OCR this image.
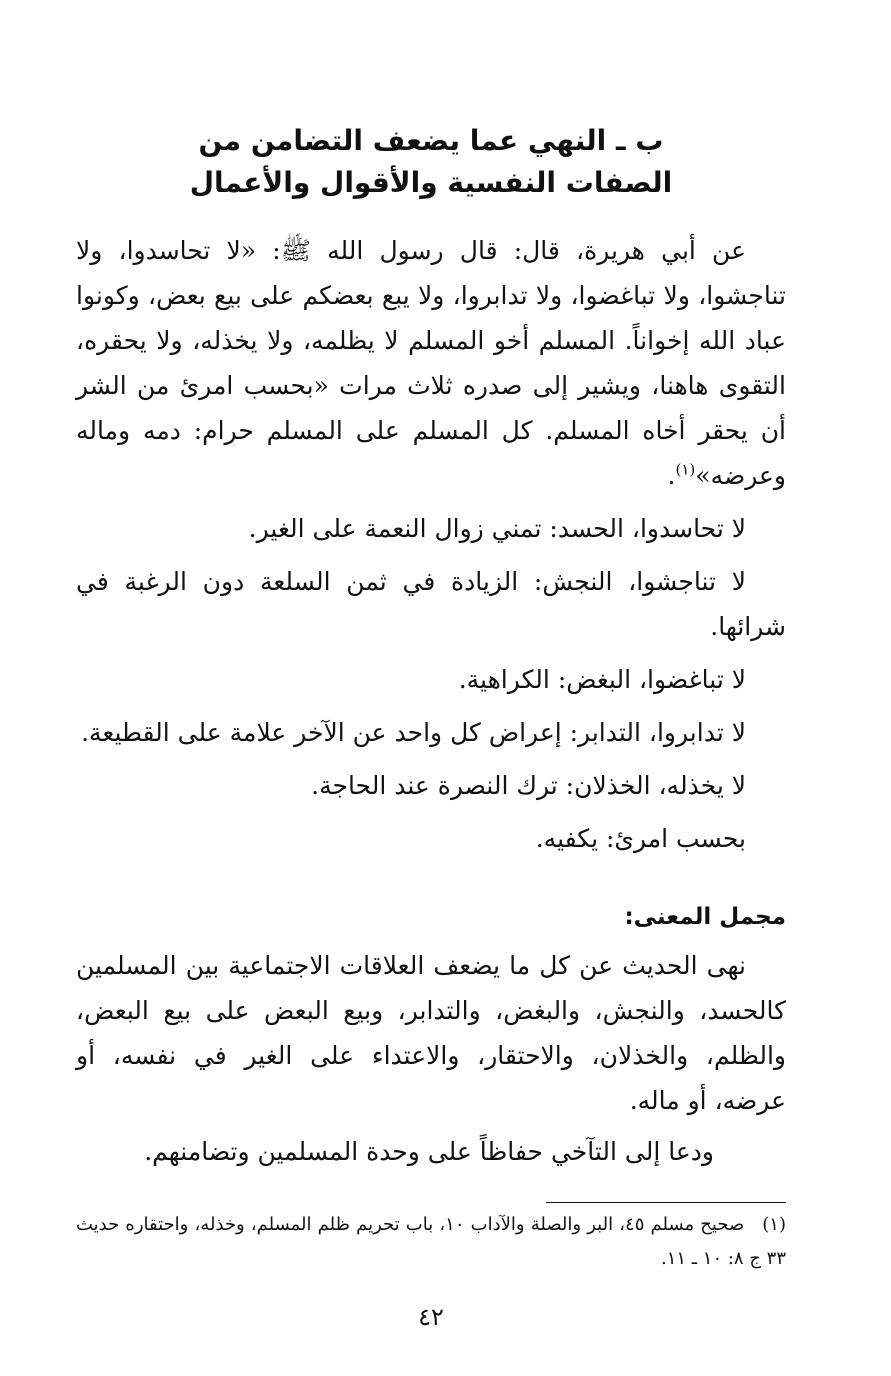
ب ـ النهي عما يضعف التضامن من
الصفات النفسية والأقوال والأعمال

عن أبي هريرة، قال: قال رسول الله ﷺ: «لا تحاسدوا، ولا تناجشوا، ولا تباغضوا، ولا تدابروا، ولا يبع بعضكم على بيع بعض، وكونوا عباد الله إخواناً. المسلم أخو المسلم لا يظلمه، ولا يخذله، ولا يحقره، التقوى هاهنا، ويشير إلى صدره ثلاث مرات «بحسب امرئ من الشر أن يحقر أخاه المسلم. كل المسلم على المسلم حرام: دمه وماله وعرضه»$^{(١)}$.

لا تحاسدوا، الحسد: تمني زوال النعمة على الغير.

لا تناجشوا، النجش: الزيادة في ثمن السلعة دون الرغبة في شرائها.

لا تباغضوا، البغض: الكراهية.

لا تدابروا، التدابر: إعراض كل واحد عن الآخر علامة على القطيعة.

لا يخذله، الخذلان: ترك النصرة عند الحاجة.

بحسب امرئ: يكفيه.

مجمل المعنى:

نهى الحديث عن كل ما يضعف العلاقات الاجتماعية بين المسلمين كالحسد، والنجش، والبغض، والتدابر، وبيع البعض على بيع البعض، والظلم، والخذلان، والاحتقار، والاعتداء على الغير في نفسه، أو عرضه، أو ماله.

ودعا إلى التآخي حفاظاً على وحدة المسلمين وتضامنهم.

(١)صحيح مسلم ٤٥، البر والصلة والآداب ١٠، باب تحريم ظلم المسلم، وخذله، واحتقاره حديث ٣٣ ج ٨: ١٠ ـ ١١.
٤٢
